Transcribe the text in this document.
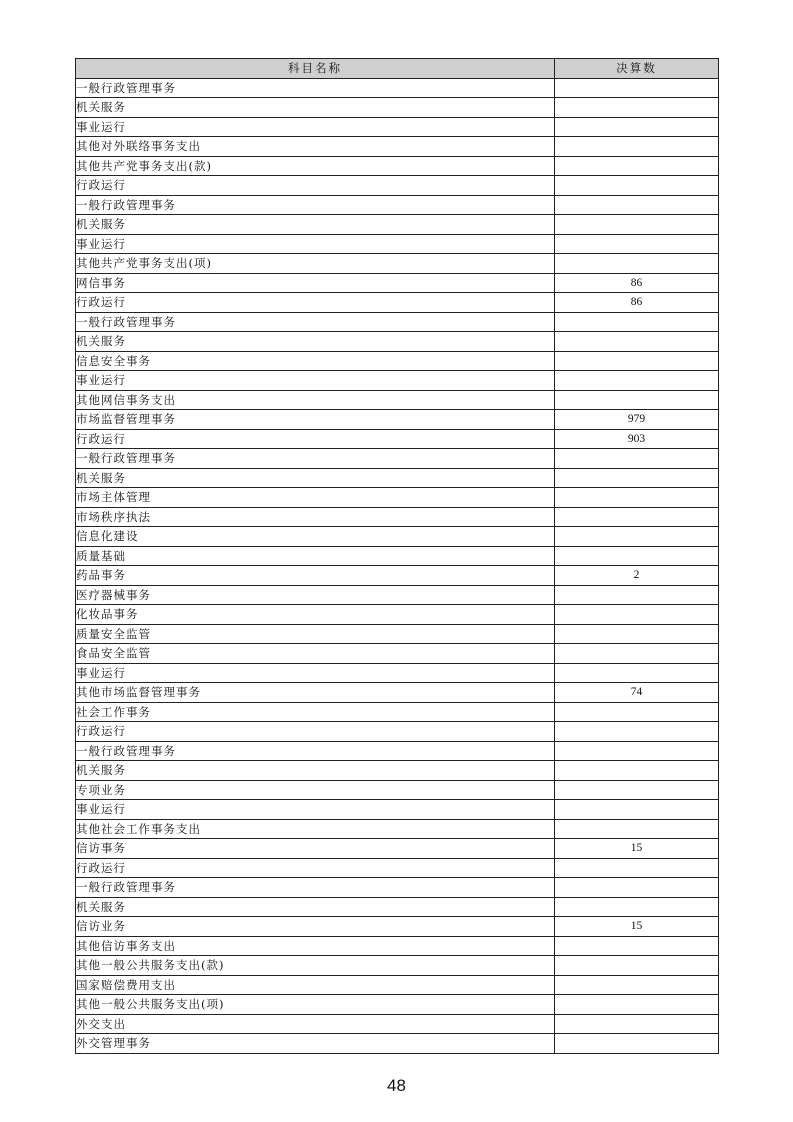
科目名称	决算数
一般行政管理事务	
机关服务	
事业运行	
其他对外联络事务支出	
其他共产党事务支出(款)	
行政运行	
一般行政管理事务	
机关服务	
事业运行	
其他共产党事务支出(项)	
网信事务	86
行政运行	86
一般行政管理事务	
机关服务	
信息安全事务	
事业运行	
其他网信事务支出	
市场监督管理事务	979
行政运行	903
一般行政管理事务	
机关服务	
市场主体管理	
市场秩序执法	
信息化建设	
质量基础	
药品事务	2
医疗器械事务	
化妆品事务	
质量安全监管	
食品安全监管	
事业运行	
其他市场监督管理事务	74
社会工作事务	
行政运行	
一般行政管理事务	
机关服务	
专项业务	
事业运行	
其他社会工作事务支出	
信访事务	15
行政运行	
一般行政管理事务	
机关服务	
信访业务	15
其他信访事务支出	
其他一般公共服务支出(款)	
国家赔偿费用支出	
其他一般公共服务支出(项)	
外交支出	
外交管理事务	
48
